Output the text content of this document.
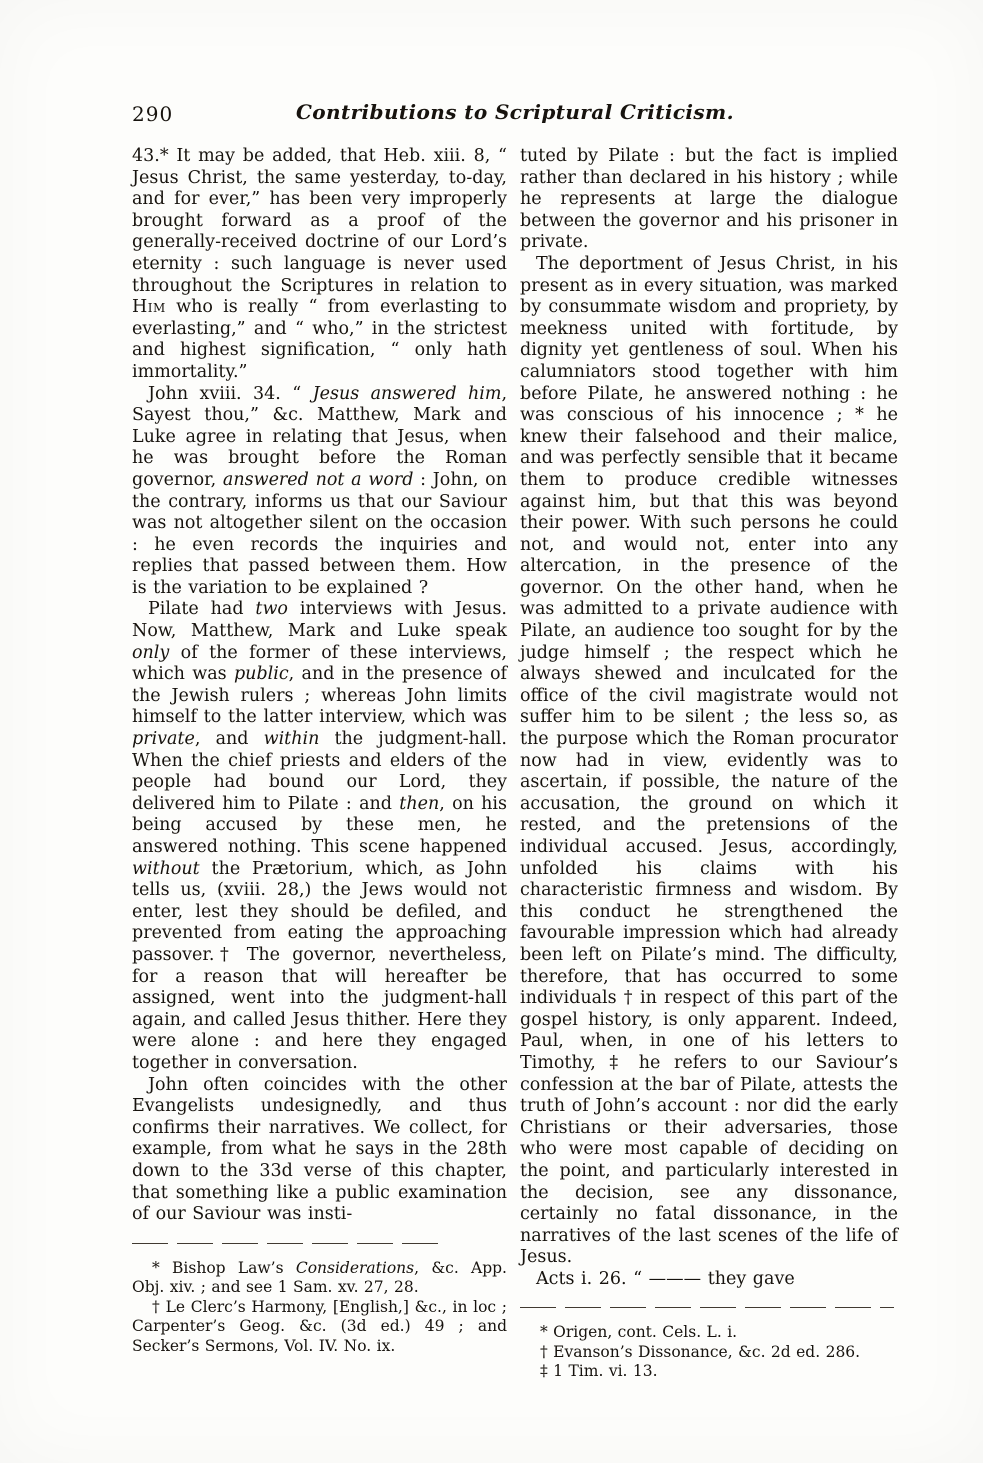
290	Contributions to Scriptural Criticism.

43.* It may be added, that Heb. xiii. 8, “ Jesus Christ, the same yesterday, to-day, and for ever,” has been very improperly brought forward as a proof of the generally-received doctrine of our Lord’s eternity : such language is never used throughout the Scriptures in relation to Him who is really “ from everlasting to everlasting,” and “ who,” in the strictest and highest signification, “ only hath immortality.”

John xviii. 34. “ Jesus answered him, Sayest thou,” &c. Matthew, Mark and Luke agree in relating that Jesus, when he was brought before the Roman governor, answered not a word : John, on the contrary, informs us that our Saviour was not altogether silent on the occasion : he even records the inquiries and replies that passed between them. How is the variation to be explained ?

Pilate had two interviews with Jesus. Now, Matthew, Mark and Luke speak only of the former of these interviews, which was public, and in the presence of the Jewish rulers ; whereas John limits himself to the latter interview, which was private, and within the judgment-hall. When the chief priests and elders of the people had bound our Lord, they delivered him to Pilate : and then, on his being accused by these men, he answered nothing. This scene happened without the Prætorium, which, as John tells us, (xviii. 28,) the Jews would not enter, lest they should be defiled, and prevented from eating the approaching passover.† The governor, nevertheless, for a reason that will hereafter be assigned, went into the judgment-hall again, and called Jesus thither. Here they were alone : and here they engaged together in conversation.

John often coincides with the other Evangelists undesignedly, and thus confirms their narratives. We collect, for example, from what he says in the 28th down to the 33d verse of this chapter, that something like a public examination of our Saviour was insti-

* Bishop Law’s Considerations, &c. App. Obj. xiv. ; and see 1 Sam. xv. 27, 28.

† Le Clerc’s Harmony, [English,] &c., in loc ; Carpenter’s Geog. &c. (3d ed.) 49 ; and Secker’s Sermons, Vol. IV. No. ix.

tuted by Pilate : but the fact is implied rather than declared in his history ; while he represents at large the dialogue between the governor and his prisoner in private.

The deportment of Jesus Christ, in his present as in every situation, was marked by consummate wisdom and propriety, by meekness united with fortitude, by dignity yet gentleness of soul. When his calumniators stood together with him before Pilate, he answered nothing : he was conscious of his innocence ; * he knew their falsehood and their malice, and was perfectly sensible that it became them to produce credible witnesses against him, but that this was beyond their power. With such persons he could not, and would not, enter into any altercation, in the presence of the governor. On the other hand, when he was admitted to a private audience with Pilate, an audience too sought for by the judge himself ; the respect which he always shewed and inculcated for the office of the civil magistrate would not suffer him to be silent ; the less so, as the purpose which the Roman procurator now had in view, evidently was to ascertain, if possible, the nature of the accusation, the ground on which it rested, and the pretensions of the individual accused. Jesus, accordingly, unfolded his claims with his characteristic firmness and wisdom. By this conduct he strengthened the favourable impression which had already been left on Pilate’s mind. The difficulty, therefore, that has occurred to some individuals † in respect of this part of the gospel history, is only apparent. Indeed, Paul, when, in one of his letters to Timothy, ‡ he refers to our Saviour’s confession at the bar of Pilate, attests the truth of John’s account : nor did the early Christians or their adversaries, those who were most capable of deciding on the point, and particularly interested in the decision, see any dissonance, certainly no fatal dissonance, in the narratives of the last scenes of the life of Jesus.

Acts i. 26. “ ——— they gave

* Origen, cont. Cels. L. i.

† Evanson’s Dissonance, &c. 2d ed. 286.

‡ 1 Tim. vi. 13.
